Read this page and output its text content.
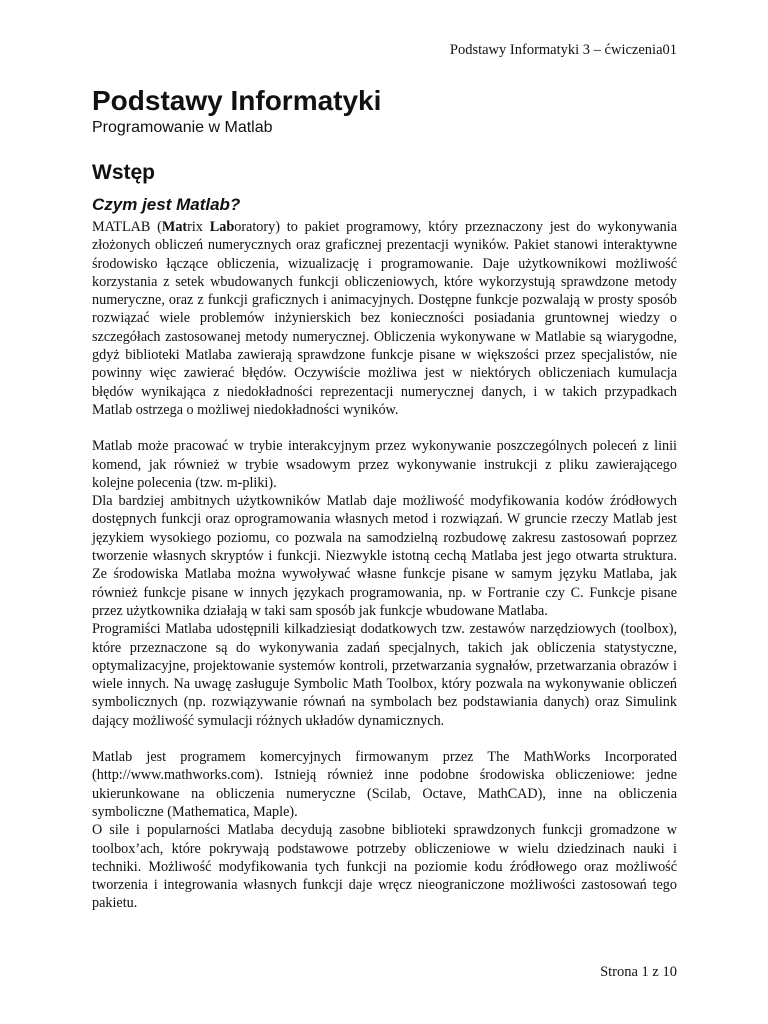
Podstawy Informatyki 3 – ćwiczenia01
Podstawy Informatyki
Programowanie w Matlab
Wstęp
Czym jest Matlab?

MATLAB (Matrix Laboratory) to pakiet programowy, który przeznaczony jest do wykonywania złożonych obliczeń numerycznych oraz graficznej prezentacji wyników. Pakiet stanowi interaktywne środowisko łączące obliczenia, wizualizację i programowanie. Daje użytkownikowi możliwość korzystania z setek wbudowanych funkcji obliczeniowych, które wykorzystują sprawdzone metody numeryczne, oraz z funkcji graficznych i animacyjnych. Dostępne funkcje pozwalają w prosty sposób rozwiązać wiele problemów inżynierskich bez konieczności posiadania gruntownej wiedzy o szczegółach zastosowanej metody numerycznej. Obliczenia wykonywane w Matlabie są wiarygodne, gdyż biblioteki Matlaba zawierają sprawdzone funkcje pisane w większości przez specjalistów, nie powinny więc zawierać błędów. Oczywiście możliwa jest w niektórych obliczeniach kumulacja błędów wynikająca z niedokładności reprezentacji numerycznej danych, i w takich przypadkach Matlab ostrzega o możliwej niedokładności wyników.

Matlab może pracować w trybie interakcyjnym przez wykonywanie poszczególnych poleceń z linii komend, jak również w trybie wsadowym przez wykonywanie instrukcji z pliku zawierającego kolejne polecenia (tzw. m-pliki).

Dla bardziej ambitnych użytkowników Matlab daje możliwość modyfikowania kodów źródłowych dostępnych funkcji oraz oprogramowania własnych metod i rozwiązań. W gruncie rzeczy Matlab jest językiem wysokiego poziomu, co pozwala na samodzielną rozbudowę zakresu zastosowań poprzez tworzenie własnych skryptów i funkcji. Niezwykle istotną cechą Matlaba jest jego otwarta struktura. Ze środowiska Matlaba można wywoływać własne funkcje pisane w samym języku Matlaba, jak również funkcje pisane w innych językach programowania, np. w Fortranie czy C. Funkcje pisane przez użytkownika działają w taki sam sposób jak funkcje wbudowane Matlaba.

Programiści Matlaba udostępnili kilkadziesiąt dodatkowych tzw. zestawów narzędziowych (toolbox), które przeznaczone są do wykonywania zadań specjalnych, takich jak obliczenia statystyczne, optymalizacyjne, projektowanie systemów kontroli, przetwarzania sygnałów, przetwarzania obrazów i wiele innych. Na uwagę zasługuje Symbolic Math Toolbox, który pozwala na wykonywanie obliczeń symbolicznych (np. rozwiązywanie równań na symbolach bez podstawiania danych) oraz Simulink dający możliwość symulacji różnych układów dynamicznych.

Matlab jest programem komercyjnych firmowanym przez The MathWorks Incorporated (http://www.mathworks.com). Istnieją również inne podobne środowiska obliczeniowe: jedne ukierunkowane na obliczenia numeryczne (Scilab, Octave, MathCAD), inne na obliczenia symboliczne (Mathematica, Maple).

O sile i popularności Matlaba decydują zasobne biblioteki sprawdzonych funkcji gromadzone w toolbox’ach, które pokrywają podstawowe potrzeby obliczeniowe w wielu dziedzinach nauki i techniki. Możliwość modyfikowania tych funkcji na poziomie kodu źródłowego oraz możliwość tworzenia i integrowania własnych funkcji daje wręcz nieograniczone możliwości zastosowań tego pakietu.

Strona 1 z 10
